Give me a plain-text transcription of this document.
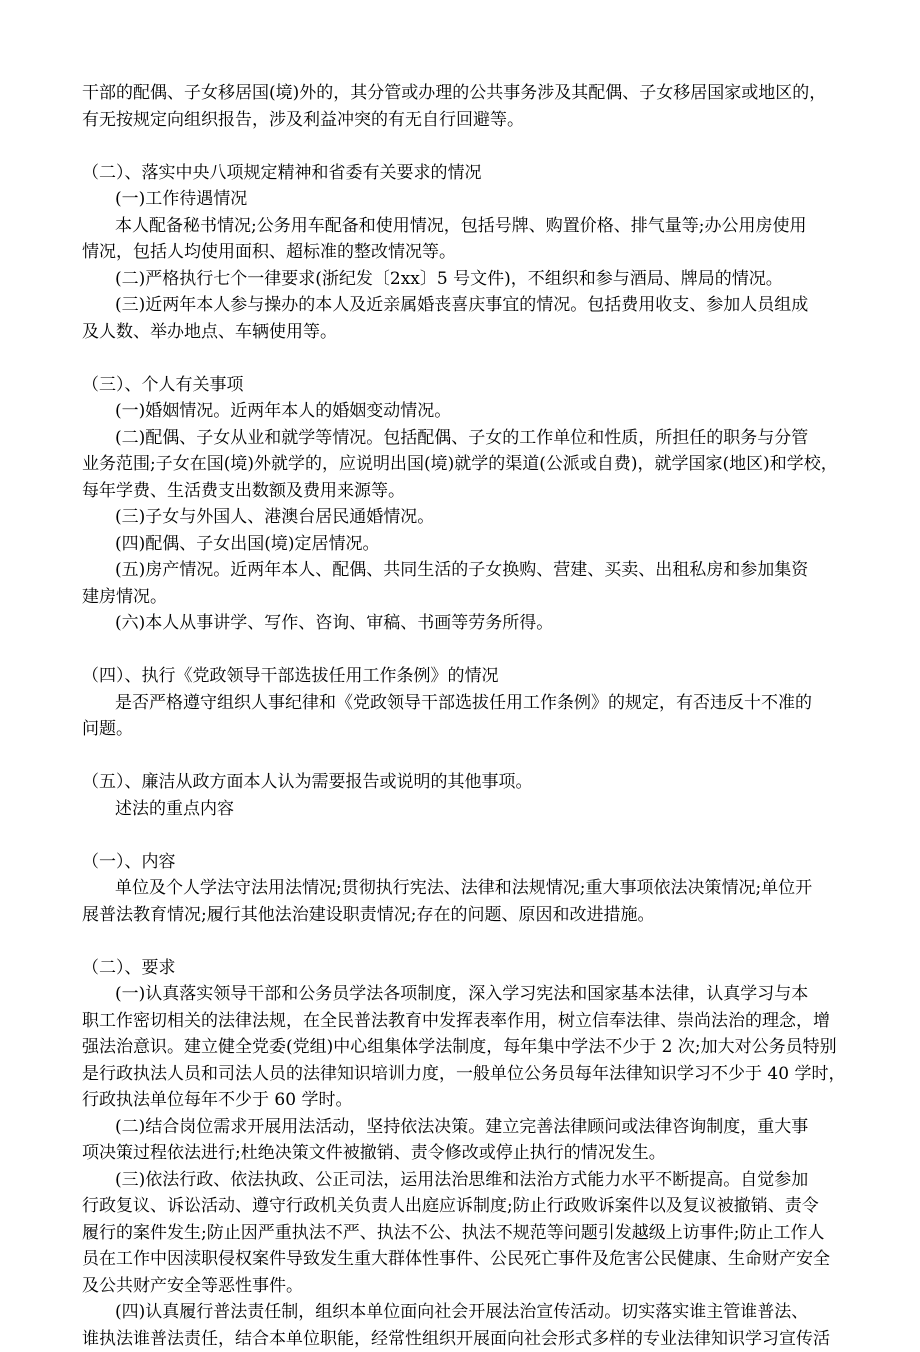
干部的配偶、子女移居国(境)外的，其分管或办理的公共事务涉及其配偶、子女移居国家或地区的，
有无按规定向组织报告，涉及利益冲突的有无自行回避等。
（二）、落实中央八项规定精神和省委有关要求的情况
(一)工作待遇情况
本人配备秘书情况;公务用车配备和使用情况，包括号牌、购置价格、排气量等;办公用房使用
情况，包括人均使用面积、超标准的整改情况等。
(二)严格执行七个一律要求(浙纪发〔2xx〕5 号文件)，不组织和参与酒局、牌局的情况。
(三)近两年本人参与操办的本人及近亲属婚丧喜庆事宜的情况。包括费用收支、参加人员组成
及人数、举办地点、车辆使用等。
（三）、个人有关事项
(一)婚姻情况。近两年本人的婚姻变动情况。
(二)配偶、子女从业和就学等情况。包括配偶、子女的工作单位和性质，所担任的职务与分管
业务范围;子女在国(境)外就学的，应说明出国(境)就学的渠道(公派或自费)，就学国家(地区)和学校，
每年学费、生活费支出数额及费用来源等。
(三)子女与外国人、港澳台居民通婚情况。
(四)配偶、子女出国(境)定居情况。
(五)房产情况。近两年本人、配偶、共同生活的子女换购、营建、买卖、出租私房和参加集资
建房情况。
(六)本人从事讲学、写作、咨询、审稿、书画等劳务所得。
（四）、执行《党政领导干部选拔任用工作条例》的情况
是否严格遵守组织人事纪律和《党政领导干部选拔任用工作条例》的规定，有否违反十不准的
问题。
（五）、廉洁从政方面本人认为需要报告或说明的其他事项。
述法的重点内容
（一）、内容
单位及个人学法守法用法情况;贯彻执行宪法、法律和法规情况;重大事项依法决策情况;单位开
展普法教育情况;履行其他法治建设职责情况;存在的问题、原因和改进措施。
（二）、要求
(一)认真落实领导干部和公务员学法各项制度，深入学习宪法和国家基本法律，认真学习与本
职工作密切相关的法律法规，在全民普法教育中发挥表率作用，树立信奉法律、崇尚法治的理念，增
强法治意识。建立健全党委(党组)中心组集体学法制度，每年集中学法不少于 2 次;加大对公务员特别
是行政执法人员和司法人员的法律知识培训力度，一般单位公务员每年法律知识学习不少于 40 学时，
行政执法单位每年不少于 60 学时。
(二)结合岗位需求开展用法活动，坚持依法决策。建立完善法律顾问或法律咨询制度，重大事
项决策过程依法进行;杜绝决策文件被撤销、责令修改或停止执行的情况发生。
(三)依法行政、依法执政、公正司法，运用法治思维和法治方式能力水平不断提高。自觉参加
行政复议、诉讼活动、遵守行政机关负责人出庭应诉制度;防止行政败诉案件以及复议被撤销、责令
履行的案件发生;防止因严重执法不严、执法不公、执法不规范等问题引发越级上访事件;防止工作人
员在工作中因渎职侵权案件导致发生重大群体性事件、公民死亡事件及危害公民健康、生命财产安全
及公共财产安全等恶性事件。
(四)认真履行普法责任制，组织本单位面向社会开展法治宣传活动。切实落实谁主管谁普法、
谁执法谁普法责任，结合本单位职能，经常性组织开展面向社会形式多样的专业法律知识学习宣传活
